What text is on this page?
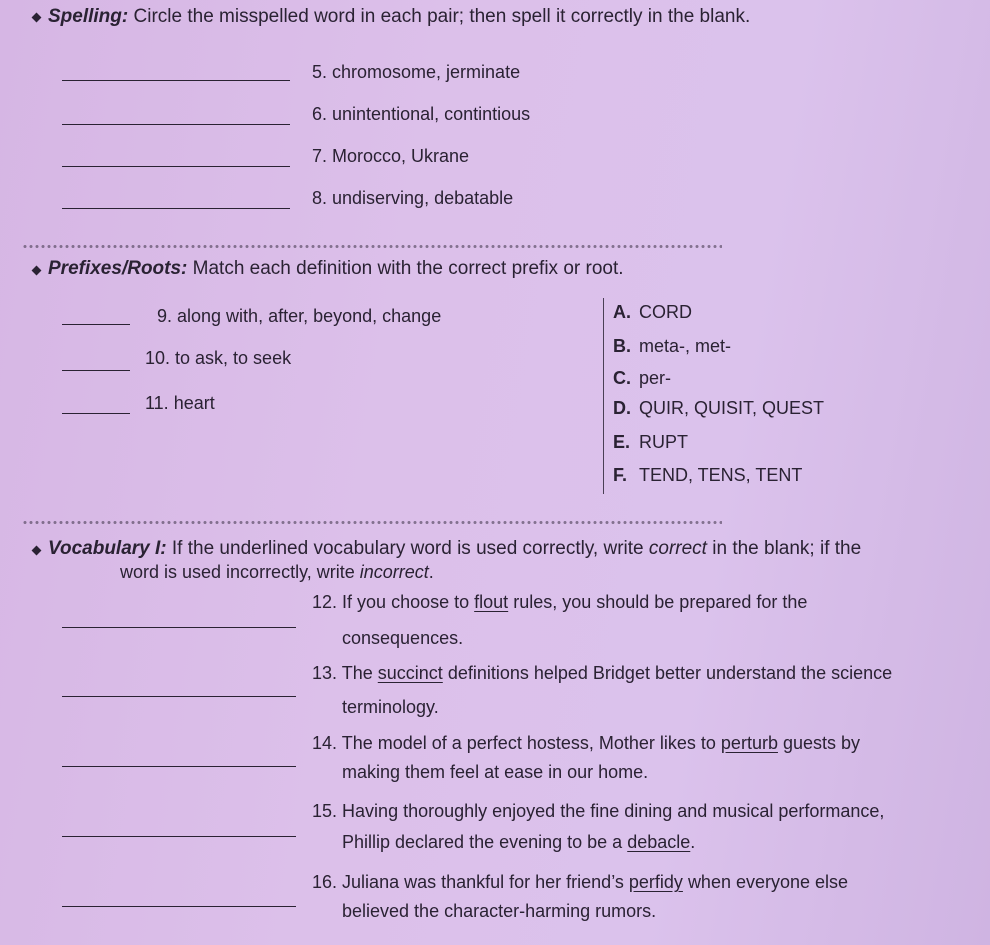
Spelling: Circle the misspelled word in each pair; then spell it correctly in the blank.
5. chromosome, jerminate
6. unintentional, contintious
7. Morocco, Ukrane
8. undiserving, debatable
Prefixes/Roots: Match each definition with the correct prefix or root.
9. along with, after, beyond, change
10. to ask, to seek
11. heart
A. CORD
B. meta-, met-
C. per-
D. QUIR, QUISIT, QUEST
E. RUPT
F. TEND, TENS, TENT
Vocabulary I: If the underlined vocabulary word is used correctly, write correct in the blank; if the
word is used incorrectly, write incorrect.
12. If you choose to flout rules, you should be prepared for the
consequences.
13. The succinct definitions helped Bridget better understand the science
terminology.
14. The model of a perfect hostess, Mother likes to perturb guests by
making them feel at ease in our home.
15. Having thoroughly enjoyed the fine dining and musical performance,
Phillip declared the evening to be a debacle.
16. Juliana was thankful for her friend’s perfidy when everyone else
believed the character-harming rumors.
